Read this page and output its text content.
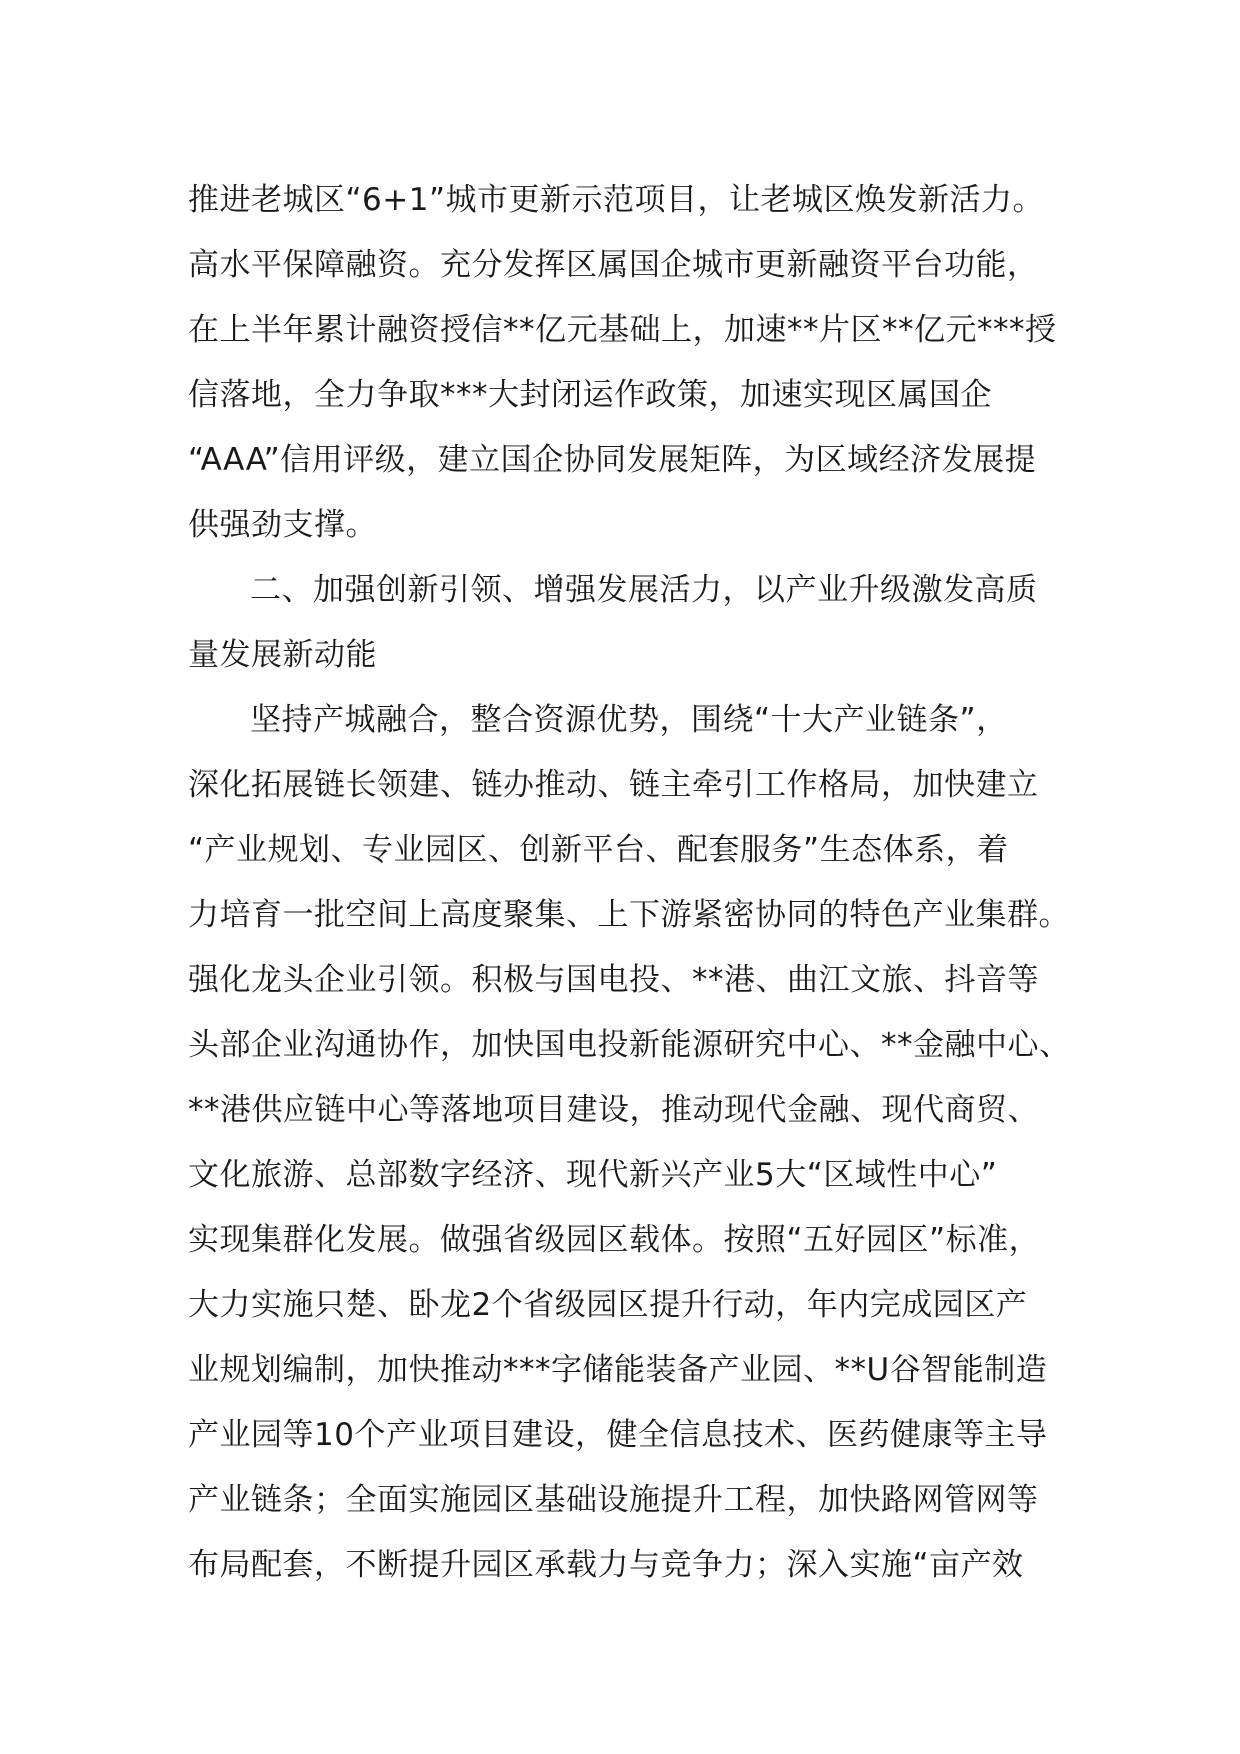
推进老城区“6+1”城市更新示范项目，让老城区焕发新活力。
高水平保障融资。充分发挥区属国企城市更新融资平台功能，
在上半年累计融资授信**亿元基础上，加速**片区**亿元***授
信落地，全力争取***大封闭运作政策，加速实现区属国企
“AAA”信用评级，建立国企协同发展矩阵，为区域经济发展提
供强劲支撑。
二、加强创新引领、增强发展活力，以产业升级激发高质
量发展新动能
坚持产城融合，整合资源优势，围绕“十大产业链条”，
深化拓展链长领建、链办推动、链主牵引工作格局，加快建立
“产业规划、专业园区、创新平台、配套服务”生态体系，着
力培育一批空间上高度聚集、上下游紧密协同的特色产业集群。
强化龙头企业引领。积极与国电投、**港、曲江文旅、抖音等
头部企业沟通协作，加快国电投新能源研究中心、**金融中心、
**港供应链中心等落地项目建设，推动现代金融、现代商贸、
文化旅游、总部数字经济、现代新兴产业5大“区域性中心”
实现集群化发展。做强省级园区载体。按照“五好园区”标准，
大力实施只楚、卧龙2个省级园区提升行动，年内完成园区产
业规划编制，加快推动***字储能装备产业园、**U谷智能制造
产业园等10个产业项目建设，健全信息技术、医药健康等主导
产业链条；全面实施园区基础设施提升工程，加快路网管网等
布局配套，不断提升园区承载力与竞争力；深入实施“亩产效
